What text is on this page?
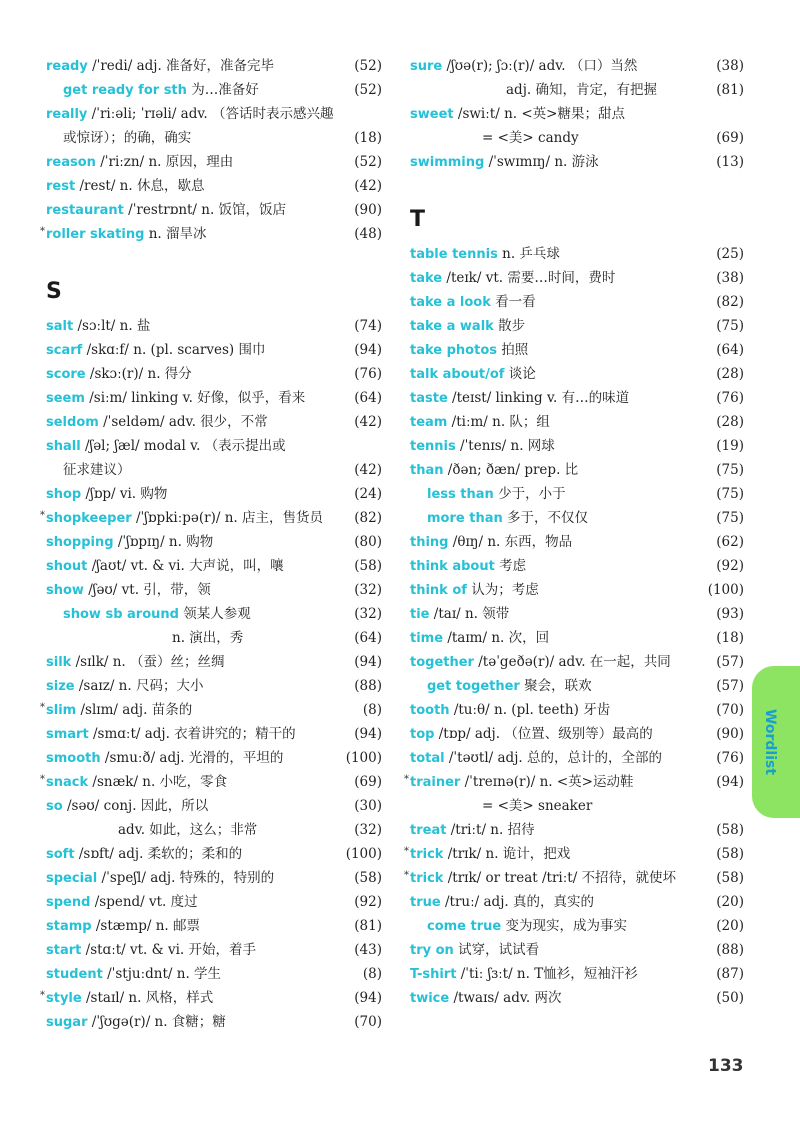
ready /ˈredi/ adj. 准备好，准备完毕	(52)
get ready for sth 为…准备好	(52)
really /ˈriːəli; ˈrɪəli/ adv. （答话时表示感兴趣
或惊讶）；的确，确实	(18)
reason /ˈriːzn/ n. 原因，理由	(52)
rest /rest/ n. 休息，歇息	(42)
restaurant /ˈrestrɒnt/ n. 饭馆，饭店	(90)
* roller skating n. 溜旱冰	(48)
S
salt /sɔːlt/ n. 盐	(74)
scarf /skɑːf/ n. (pl. scarves) 围巾	(94)
score /skɔː(r)/ n. 得分	(76)
seem /siːm/ linking v. 好像，似乎，看来	(64)
seldom /ˈseldəm/ adv. 很少，不常	(42)
shall /ʃəl; ʃæl/ modal v. （表示提出或
征求建议）	(42)
shop /ʃɒp/ vi. 购物	(24)
* shopkeeper /ˈʃɒpkiːpə(r)/ n. 店主，售货员 (82)
shopping /ˈʃɒpɪŋ/ n. 购物	(80)
shout /ʃaʊt/ vt. & vi. 大声说，叫，嚷	(58)
show /ʃəʊ/ vt. 引，带，领	(32)
show sb around 领某人参观	(32)
n. 演出，秀	(64)
silk /sɪlk/ n. （蚕）丝；丝绸	(94)
size /saɪz/ n. 尺码；大小	(88)
* slim /slɪm/ adj. 苗条的	(8)
smart /smɑːt/ adj. 衣着讲究的；精干的	(94)
smooth /smuːð/ adj. 光滑的，平坦的	(100)
* snack /snæk/ n. 小吃，零食	(69)
so /səʊ/ conj. 因此，所以	(30)
adv. 如此，这么；非常	(32)
soft /sɒft/ adj. 柔软的；柔和的	(100)
special /ˈspeʃl/ adj. 特殊的，特别的	(58)
spend /spend/ vt. 度过	(92)
stamp /stæmp/ n. 邮票	(81)
start /stɑːt/ vt. & vi. 开始，着手	(43)
student /ˈstjuːdnt/ n. 学生	(8)
* style /staɪl/ n. 风格，样式	(94)
sugar /ˈʃʊgə(r)/ n. 食糖；糖	(70)
sure /ʃʊə(r); ʃɔː(r)/ adv. （口）当然	(38)
adj. 确知，肯定，有把握	(81)
sweet /swiːt/ n. <英>糖果；甜点
= <美> candy	(69)
swimming /ˈswɪmɪŋ/ n. 游泳	(13)
T
table tennis n. 乒乓球	(25)
take /teɪk/ vt. 需要…时间，费时	(38)
take a look 看一看	(82)
take a walk 散步	(75)
take photos 拍照	(64)
talk about/of 谈论	(28)
taste /teɪst/ linking v. 有…的味道	(76)
team /tiːm/ n. 队；组	(28)
tennis /ˈtenɪs/ n. 网球	(19)
than /ðən; ðæn/ prep. 比	(75)
less than 少于，小于	(75)
more than 多于，不仅仅	(75)
thing /θɪŋ/ n. 东西，物品	(62)
think about 考虑	(92)
think of 认为；考虑	(100)
tie /taɪ/ n. 领带	(93)
time /taɪm/ n. 次，回	(18)
together /təˈgeðə(r)/ adv. 在一起，共同	(57)
get together 聚会，联欢	(57)
tooth /tuːθ/ n. (pl. teeth) 牙齿	(70)
top /tɒp/ adj. （位置、级别等）最高的	(90)
total /ˈtəʊtl/ adj. 总的，总计的，全部的	(76)
* trainer /ˈtreɪnə(r)/ n. <英>运动鞋	(94)
= <美> sneaker
treat /triːt/ n. 招待	(58)
* trick /trɪk/ n. 诡计，把戏	(58)
* trick /trɪk/ or treat /triːt/ 不招待，就使坏	(58)
true /truː/ adj. 真的，真实的	(20)
come true 变为现实，成为事实	(20)
try on 试穿，试试看	(88)
T-shirt /ˈtiː ʃɜːt/ n. T恤衫，短袖汗衫	(87)
twice /twaɪs/ adv. 两次	(50)
Wordlist
133
